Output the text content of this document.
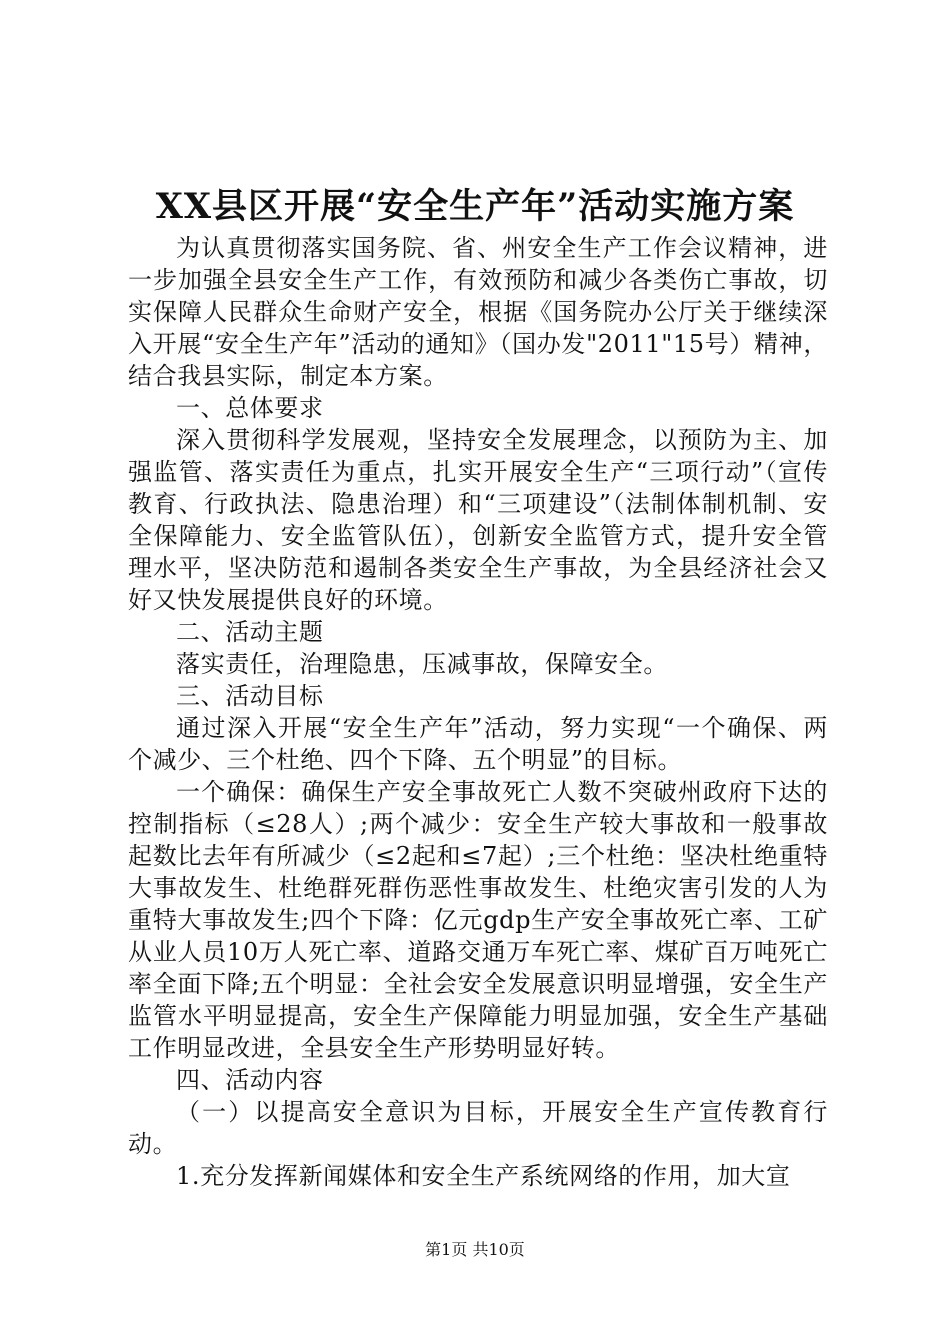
XX县区开展“安全生产年”活动实施方案

为认真贯彻落实国务院、省、州安全生产工作会议精神，进一步加强全县安全生产工作，有效预防和减少各类伤亡事故，切实保障人民群众生命财产安全，根据《国务院办公厅关于继续深入开展“安全生产年”活动的通知》（国办发"2011"15号）精神，结合我县实际，制定本方案。

一、总体要求

深入贯彻科学发展观，坚持安全发展理念，以预防为主、加强监管、落实责任为重点，扎实开展安全生产“三项行动”（宣传教育、行政执法、隐患治理）和“三项建设”（法制体制机制、安全保障能力、安全监管队伍），创新安全监管方式，提升安全管理水平，坚决防范和遏制各类安全生产事故，为全县经济社会又好又快发展提供良好的环境。

二、活动主题

落实责任，治理隐患，压减事故，保障安全。

三、活动目标

通过深入开展“安全生产年”活动，努力实现“一个确保、两个减少、三个杜绝、四个下降、五个明显”的目标。

一个确保：确保生产安全事故死亡人数不突破州政府下达的控制指标（≤28人）;两个减少：安全生产较大事故和一般事故起数比去年有所减少（≤2起和≤7起）;三个杜绝：坚决杜绝重特大事故发生、杜绝群死群伤恶性事故发生、杜绝灾害引发的人为重特大事故发生;四个下降：亿元gdp生产安全事故死亡率、工矿从业人员10万人死亡率、道路交通万车死亡率、煤矿百万吨死亡率全面下降;五个明显：全社会安全发展意识明显增强，安全生产监管水平明显提高，安全生产保障能力明显加强，安全生产基础工作明显改进，全县安全生产形势明显好转。

四、活动内容

（一）以提高安全意识为目标，开展安全生产宣传教育行动。

1.充分发挥新闻媒体和安全生产系统网络的作用，加大宣

第1页 共10页
